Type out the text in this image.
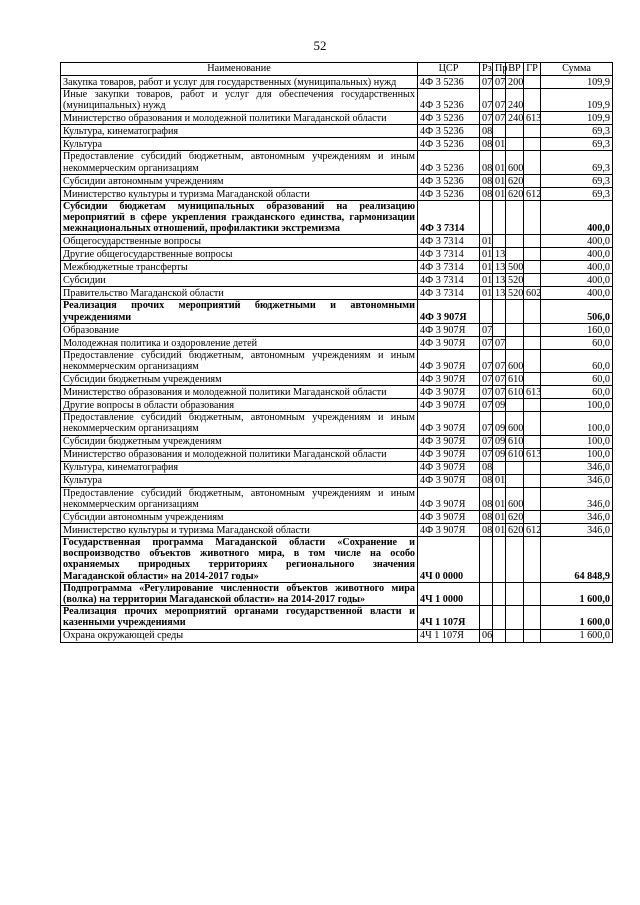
52
Наименование	ЦСР	Рз	Пр	ВР	ГР	Сумма
Закупка товаров, работ и услуг для государственных (муниципальных) нужд	4Ф 3 5236	07	07	200		109,9
Иные закупки товаров, работ и услуг для обеспечения государственных (муниципальных) нужд	4Ф 3 5236	07	07	240		109,9
Министерство образования и молодежной политики Магаданской области	4Ф 3 5236	07	07	240	613	109,9
Культура, кинематография	4Ф 3 5236	08				69,3
Культура	4Ф 3 5236	08	01			69,3
Предоставление субсидий бюджетным, автономным учреждениям и иным некоммерческим организациям	4Ф 3 5236	08	01	600		69,3
Субсидии автономным учреждениям	4Ф 3 5236	08	01	620		69,3
Министерство культуры и туризма Магаданской области	4Ф 3 5236	08	01	620	612	69,3
Субсидии бюджетам муниципальных образований на реализацию мероприятий в сфере укрепления гражданского единства, гармонизации межнациональных отношений, профилактики экстремизма	4Ф 3 7314					400,0
Общегосударственные вопросы	4Ф 3 7314	01				400,0
Другие общегосударственные вопросы	4Ф 3 7314	01	13			400,0
Межбюджетные трансферты	4Ф 3 7314	01	13	500		400,0
Субсидии	4Ф 3 7314	01	13	520		400,0
Правительство Магаданской области	4Ф 3 7314	01	13	520	602	400,0
Реализация прочих мероприятий бюджетными и автономными учреждениями	4Ф 3 907Я					506,0
Образование	4Ф 3 907Я	07				160,0
Молодежная политика и оздоровление детей	4Ф 3 907Я	07	07			60,0
Предоставление субсидий бюджетным, автономным учреждениям и иным некоммерческим организациям	4Ф 3 907Я	07	07	600		60,0
Субсидии бюджетным учреждениям	4Ф 3 907Я	07	07	610		60,0
Министерство образования и молодежной политики Магаданской области	4Ф 3 907Я	07	07	610	613	60,0
Другие вопросы в области образования	4Ф 3 907Я	07	09			100,0
Предоставление субсидий бюджетным, автономным учреждениям и иным некоммерческим организациям	4Ф 3 907Я	07	09	600		100,0
Субсидии бюджетным учреждениям	4Ф 3 907Я	07	09	610		100,0
Министерство образования и молодежной политики Магаданской области	4Ф 3 907Я	07	09	610	613	100,0
Культура, кинематография	4Ф 3 907Я	08				346,0
Культура	4Ф 3 907Я	08	01			346,0
Предоставление субсидий бюджетным, автономным учреждениям и иным некоммерческим организациям	4Ф 3 907Я	08	01	600		346,0
Субсидии автономным учреждениям	4Ф 3 907Я	08	01	620		346,0
Министерство культуры и туризма Магаданской области	4Ф 3 907Я	08	01	620	612	346,0
Государственная программа Магаданской области «Сохранение и воспроизводство объектов животного мира, в том числе на особо охраняемых природных территориях регионального значения Магаданской области» на 2014-2017 годы»	4Ч 0 0000					64 848,9
Подпрограмма «Регулирование численности объектов животного мира (волка) на территории Магаданской области» на 2014-2017 годы»	4Ч 1 0000					1 600,0
Реализация прочих мероприятий органами государственной власти и казенными учреждениями	4Ч 1 107Я					1 600,0
Охрана окружающей среды	4Ч 1 107Я	06				1 600,0
